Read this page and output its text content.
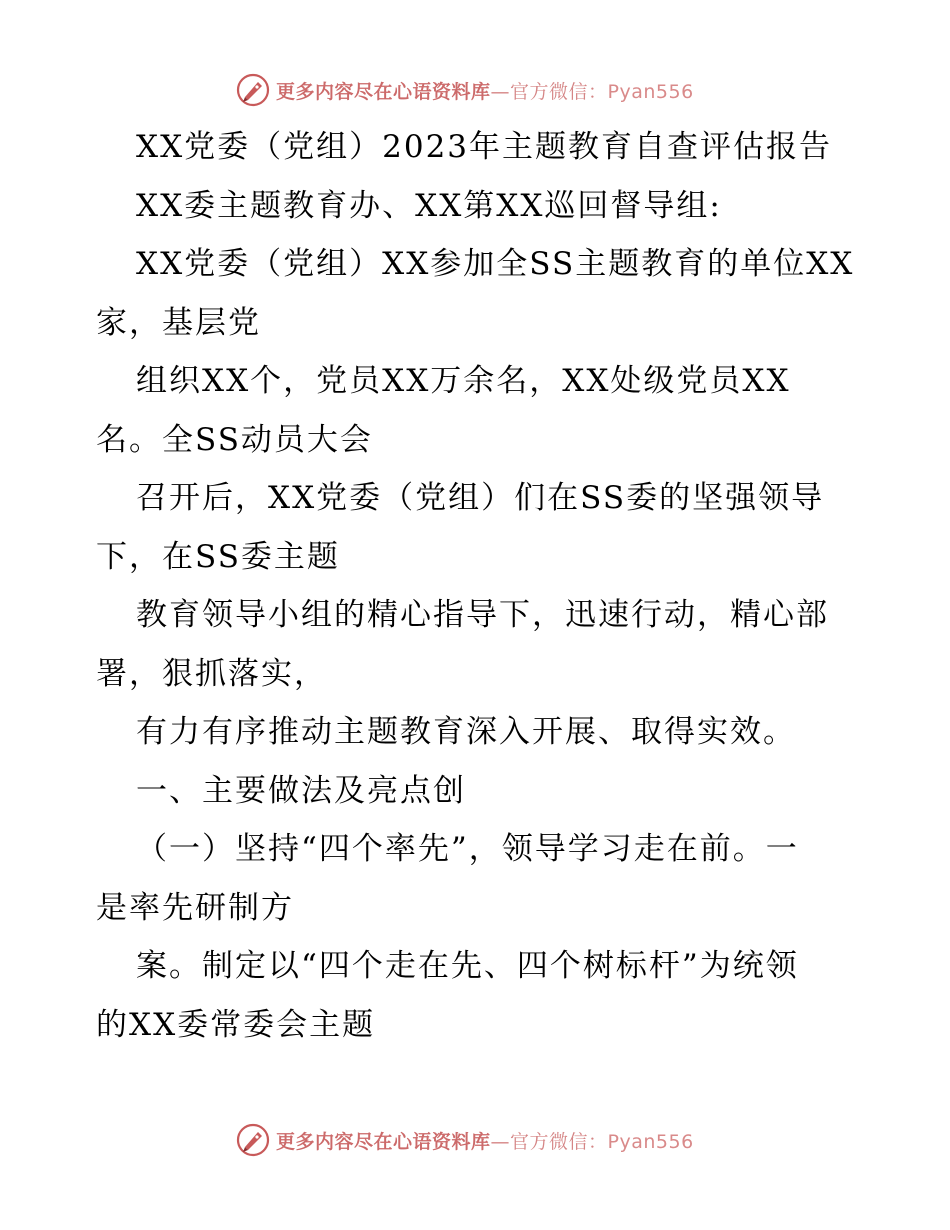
更多内容尽在心语资料库—官方微信：Pyan556
XX党委（党组）2023年主题教育自查评估报告
XX委主题教育办、XX第XX巡回督导组:
XX党委（党组）XX参加全SS主题教育的单位XX
家，基层党
组织XX个，党员XX万余名，XX处级党员XX
名。全SS动员大会
召开后，XX党委（党组）们在SS委的坚强领导
下，在SS委主题
教育领导小组的精心指导下，迅速行动，精心部
署，狠抓落实，
有力有序推动主题教育深入开展、取得实效。
一、主要做法及亮点创
（一）坚持“四个率先”，领导学习走在前。一
是率先研制方
案。制定以“四个走在先、四个树标杆”为统领
的XX委常委会主题
更多内容尽在心语资料库—官方微信：Pyan556
